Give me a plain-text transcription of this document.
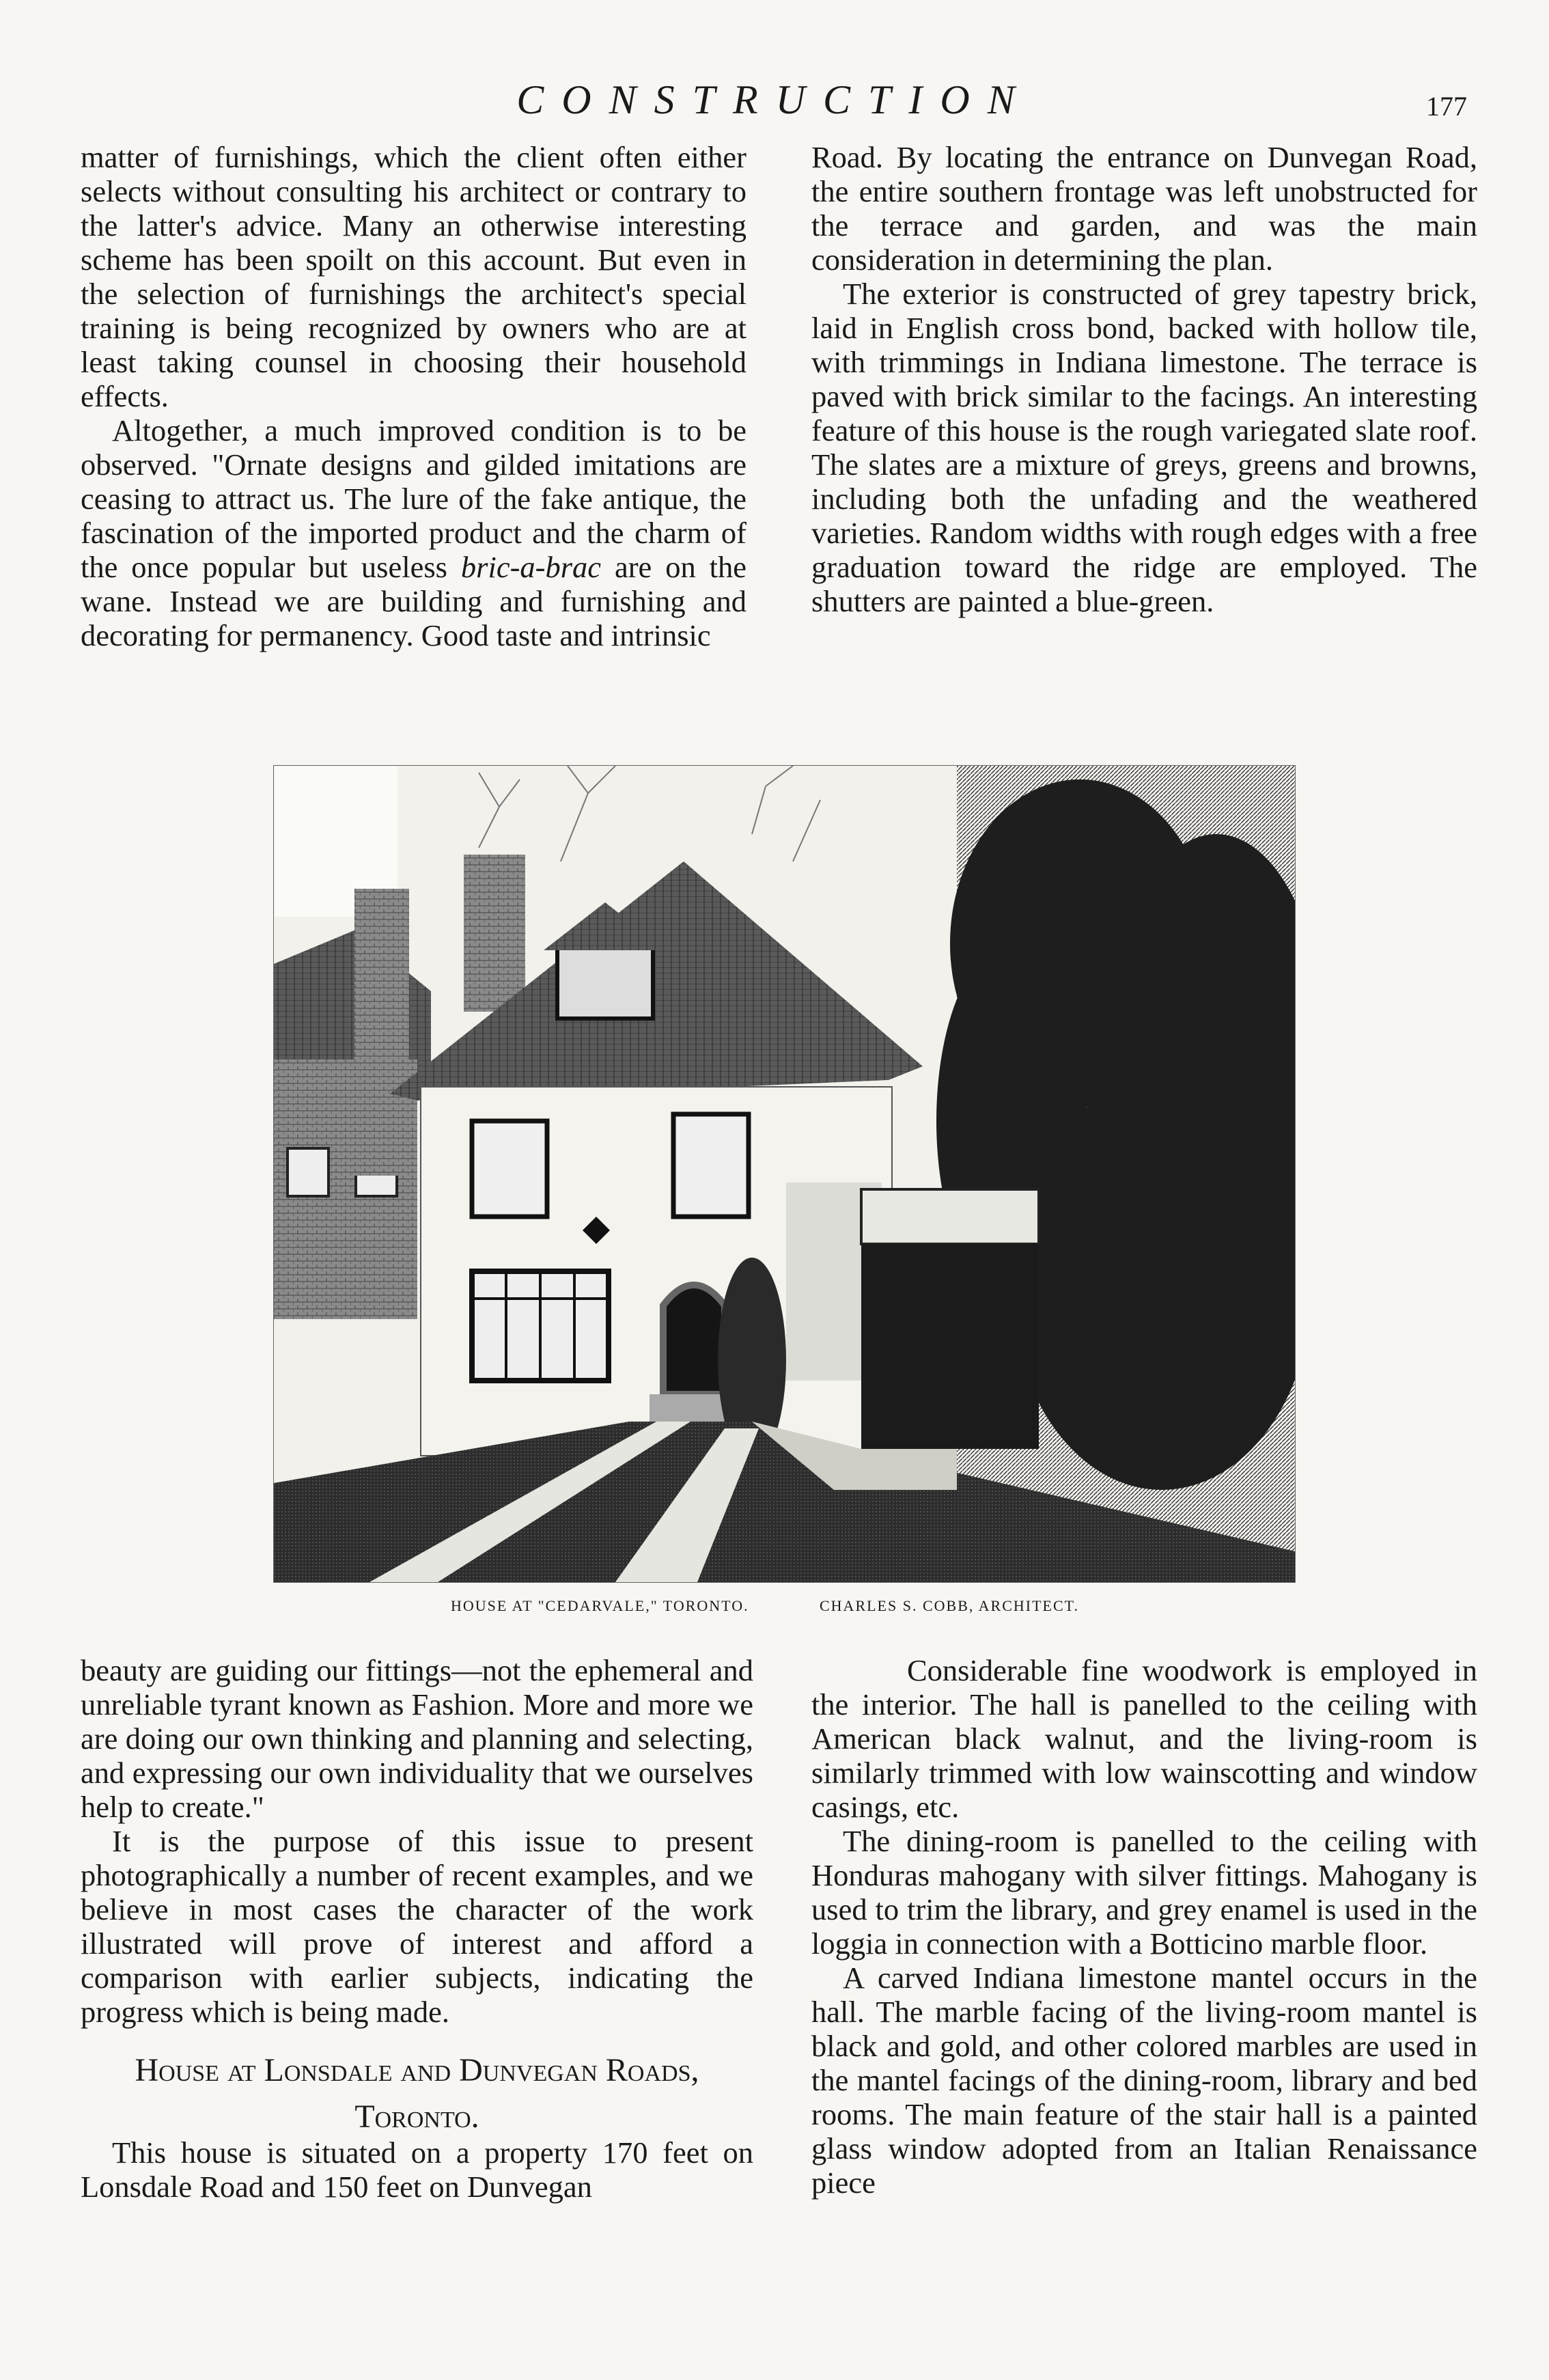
CONSTRUCTION	177

matter of furnishings, which the client often either selects without consulting his architect or contrary to the latter's advice. Many an otherwise interesting scheme has been spoilt on this account. But even in the selection of furnishings the architect's special training is being recognized by owners who are at least taking counsel in choosing their household effects.

Altogether, a much improved condition is to be observed. "Ornate designs and gilded imitations are ceasing to attract us. The lure of the fake antique, the fascination of the imported product and the charm of the once popular but useless bric-a-brac are on the wane. Instead we are building and furnishing and decorating for permanency. Good taste and intrinsic

Road. By locating the entrance on Dunvegan Road, the entire southern frontage was left unobstructed for the terrace and garden, and was the main consideration in determining the plan.

The exterior is constructed of grey tapestry brick, laid in English cross bond, backed with hollow tile, with trimmings in Indiana limestone. The terrace is paved with brick similar to the facings. An interesting feature of this house is the rough variegated slate roof. The slates are a mixture of greys, greens and browns, including both the unfading and the weathered varieties. Random widths with rough edges with a free graduation toward the ridge are employed. The shutters are painted a blue-green.

HOUSE AT "CEDARVALE," TORONTO.	CHARLES S. COBB, ARCHITECT.

beauty are guiding our fittings—not the ephemeral and unreliable tyrant known as Fashion. More and more we are doing our own thinking and planning and selecting, and expressing our own individuality that we ourselves help to create."

It is the purpose of this issue to present photographically a number of recent examples, and we believe in most cases the character of the work illustrated will prove of interest and afford a comparison with earlier subjects, indicating the progress which is being made.

House at Lonsdale and Dunvegan Roads,
Toronto.

This house is situated on a property 170 feet on Lonsdale Road and 150 feet on Dunvegan

Considerable fine woodwork is employed in the interior. The hall is panelled to the ceiling with American black walnut, and the living-room is similarly trimmed with low wainscotting and window casings, etc.

The dining-room is panelled to the ceiling with Honduras mahogany with silver fittings. Mahogany is used to trim the library, and grey enamel is used in the loggia in connection with a Botticino marble floor.

A carved Indiana limestone mantel occurs in the hall. The marble facing of the living-room mantel is black and gold, and other colored marbles are used in the mantel facings of the dining-room, library and bed rooms. The main feature of the stair hall is a painted glass window adopted from an Italian Renaissance piece
